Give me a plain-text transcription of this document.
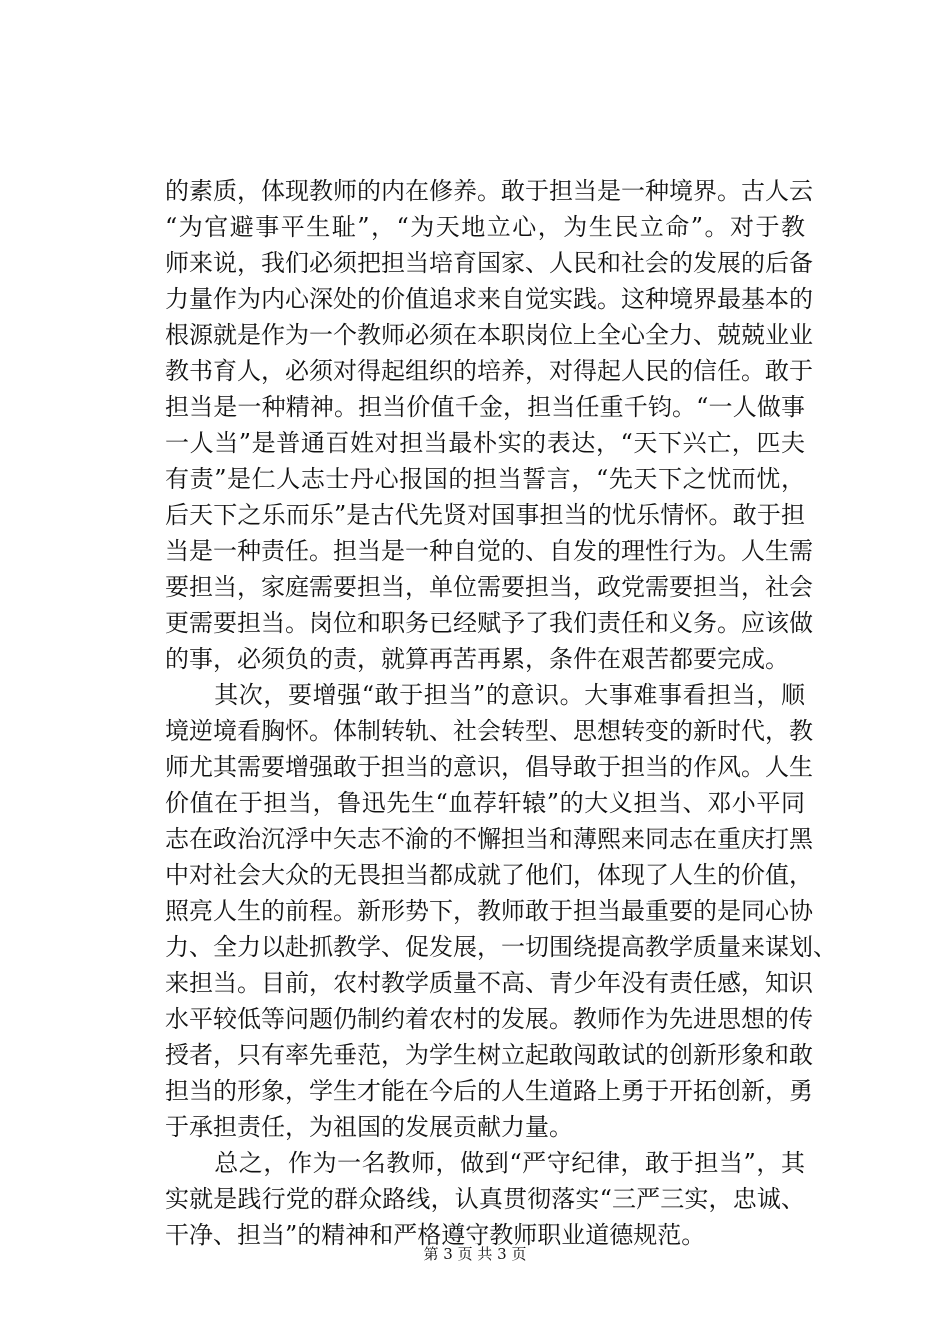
的素质，体现教师的内在修养。敢于担当是一种境界。古人云
“为官避事平生耻”，“为天地立心，为生民立命”。对于教
师来说，我们必须把担当培育国家、人民和社会的发展的后备
力量作为内心深处的价值追求来自觉实践。这种境界最基本的
根源就是作为一个教师必须在本职岗位上全心全力、兢兢业业
教书育人，必须对得起组织的培养，对得起人民的信任。敢于
担当是一种精神。担当价值千金，担当任重千钧。“一人做事
一人当”是普通百姓对担当最朴实的表达，“天下兴亡，匹夫
有责”是仁人志士丹心报国的担当誓言，“先天下之忧而忧，
后天下之乐而乐”是古代先贤对国事担当的忧乐情怀。敢于担
当是一种责任。担当是一种自觉的、自发的理性行为。人生需
要担当，家庭需要担当，单位需要担当，政党需要担当，社会
更需要担当。岗位和职务已经赋予了我们责任和义务。应该做
的事，必须负的责，就算再苦再累，条件在艰苦都要完成。
　　其次，要增强“敢于担当”的意识。大事难事看担当，顺
境逆境看胸怀。体制转轨、社会转型、思想转变的新时代，教
师尤其需要增强敢于担当的意识，倡导敢于担当的作风。人生
价值在于担当，鲁迅先生“血荐轩辕”的大义担当、邓小平同
志在政治沉浮中矢志不渝的不懈担当和薄熙来同志在重庆打黑
中对社会大众的无畏担当都成就了他们，体现了人生的价值，
照亮人生的前程。新形势下，教师敢于担当最重要的是同心协
力、全力以赴抓教学、促发展，一切围绕提高教学质量来谋划、
来担当。目前，农村教学质量不高、青少年没有责任感，知识
水平较低等问题仍制约着农村的发展。教师作为先进思想的传
授者，只有率先垂范，为学生树立起敢闯敢试的创新形象和敢
担当的形象，学生才能在今后的人生道路上勇于开拓创新，勇
于承担责任，为祖国的发展贡献力量。
　　总之，作为一名教师，做到“严守纪律，敢于担当”，其
实就是践行党的群众路线，认真贯彻落实“三严三实，忠诚、
干净、担当”的精神和严格遵守教师职业道德规范。
第 3 页 共 3 页
